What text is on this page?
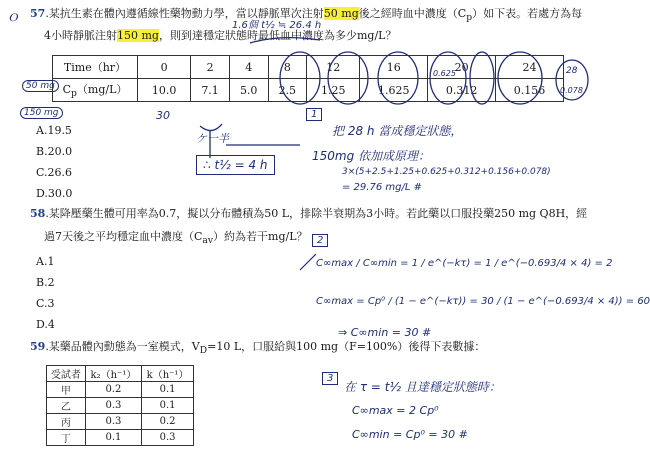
ｏ 57.某抗生素在體內遵循線性藥物動力學，當以靜脈單次注射50 mg後之經時血中濃度$(C_p)$如下表。若處方為每
4小時靜脈注射150 mg，則到達穩定狀態時最低血中濃度為多少mg/L？
1.6個 t½ ≒ 26.4 h
Time（hr）	0	2	4	8	12	16	20	24
$C_p(mg/L)$	10.0	7.1	5.0	2.5	1.25	1.625	0.312	0.156
0.625	28
0.078
50 mg
150 mg	30
ケ一半
∴ t½ = 4 h
A.19.5
B.20.0
C.26.6
D.30.0
1
把 28 h 當成穩定狀態，
150mg 依加成原理：
3×(5+2.5+1.25+0.625+0.312+0.156+0.078)
= 29.76 mg/L #
58.某降壓藥生體可用率為0.7，擬以分布體積為50 L，排除半衰期為3小時。若此藥以口服投藥250 mg Q8H，經
過7天後之平均穩定血中濃度$(C_{av})$約為若干mg/L？
A.1
B.2
C.3
D.4
2
C∞max / C∞min = 1 / e^(−kτ) = 1 / e^(−0.693/4 × 4) = 2
C∞max = Cp⁰ / (1 − e^(−kτ)) = 30 / (1 − e^(−0.693/4 × 4)) = 60
⇒ C∞min = 30 #
59.某藥品體內動態為一室模式，$V_D=10$ L，口服給與100 mg（F=100%）後得下表數據：
受試者	k₂（h⁻¹）	k（h⁻¹）
甲	0.2	0.1
乙	0.3	0.1
丙	0.3	0.2
丁	0.1	0.3
3
在 τ = t½ 且達穩定狀態時：
C∞max = 2 Cp⁰
C∞min = Cp⁰ = 30 #
